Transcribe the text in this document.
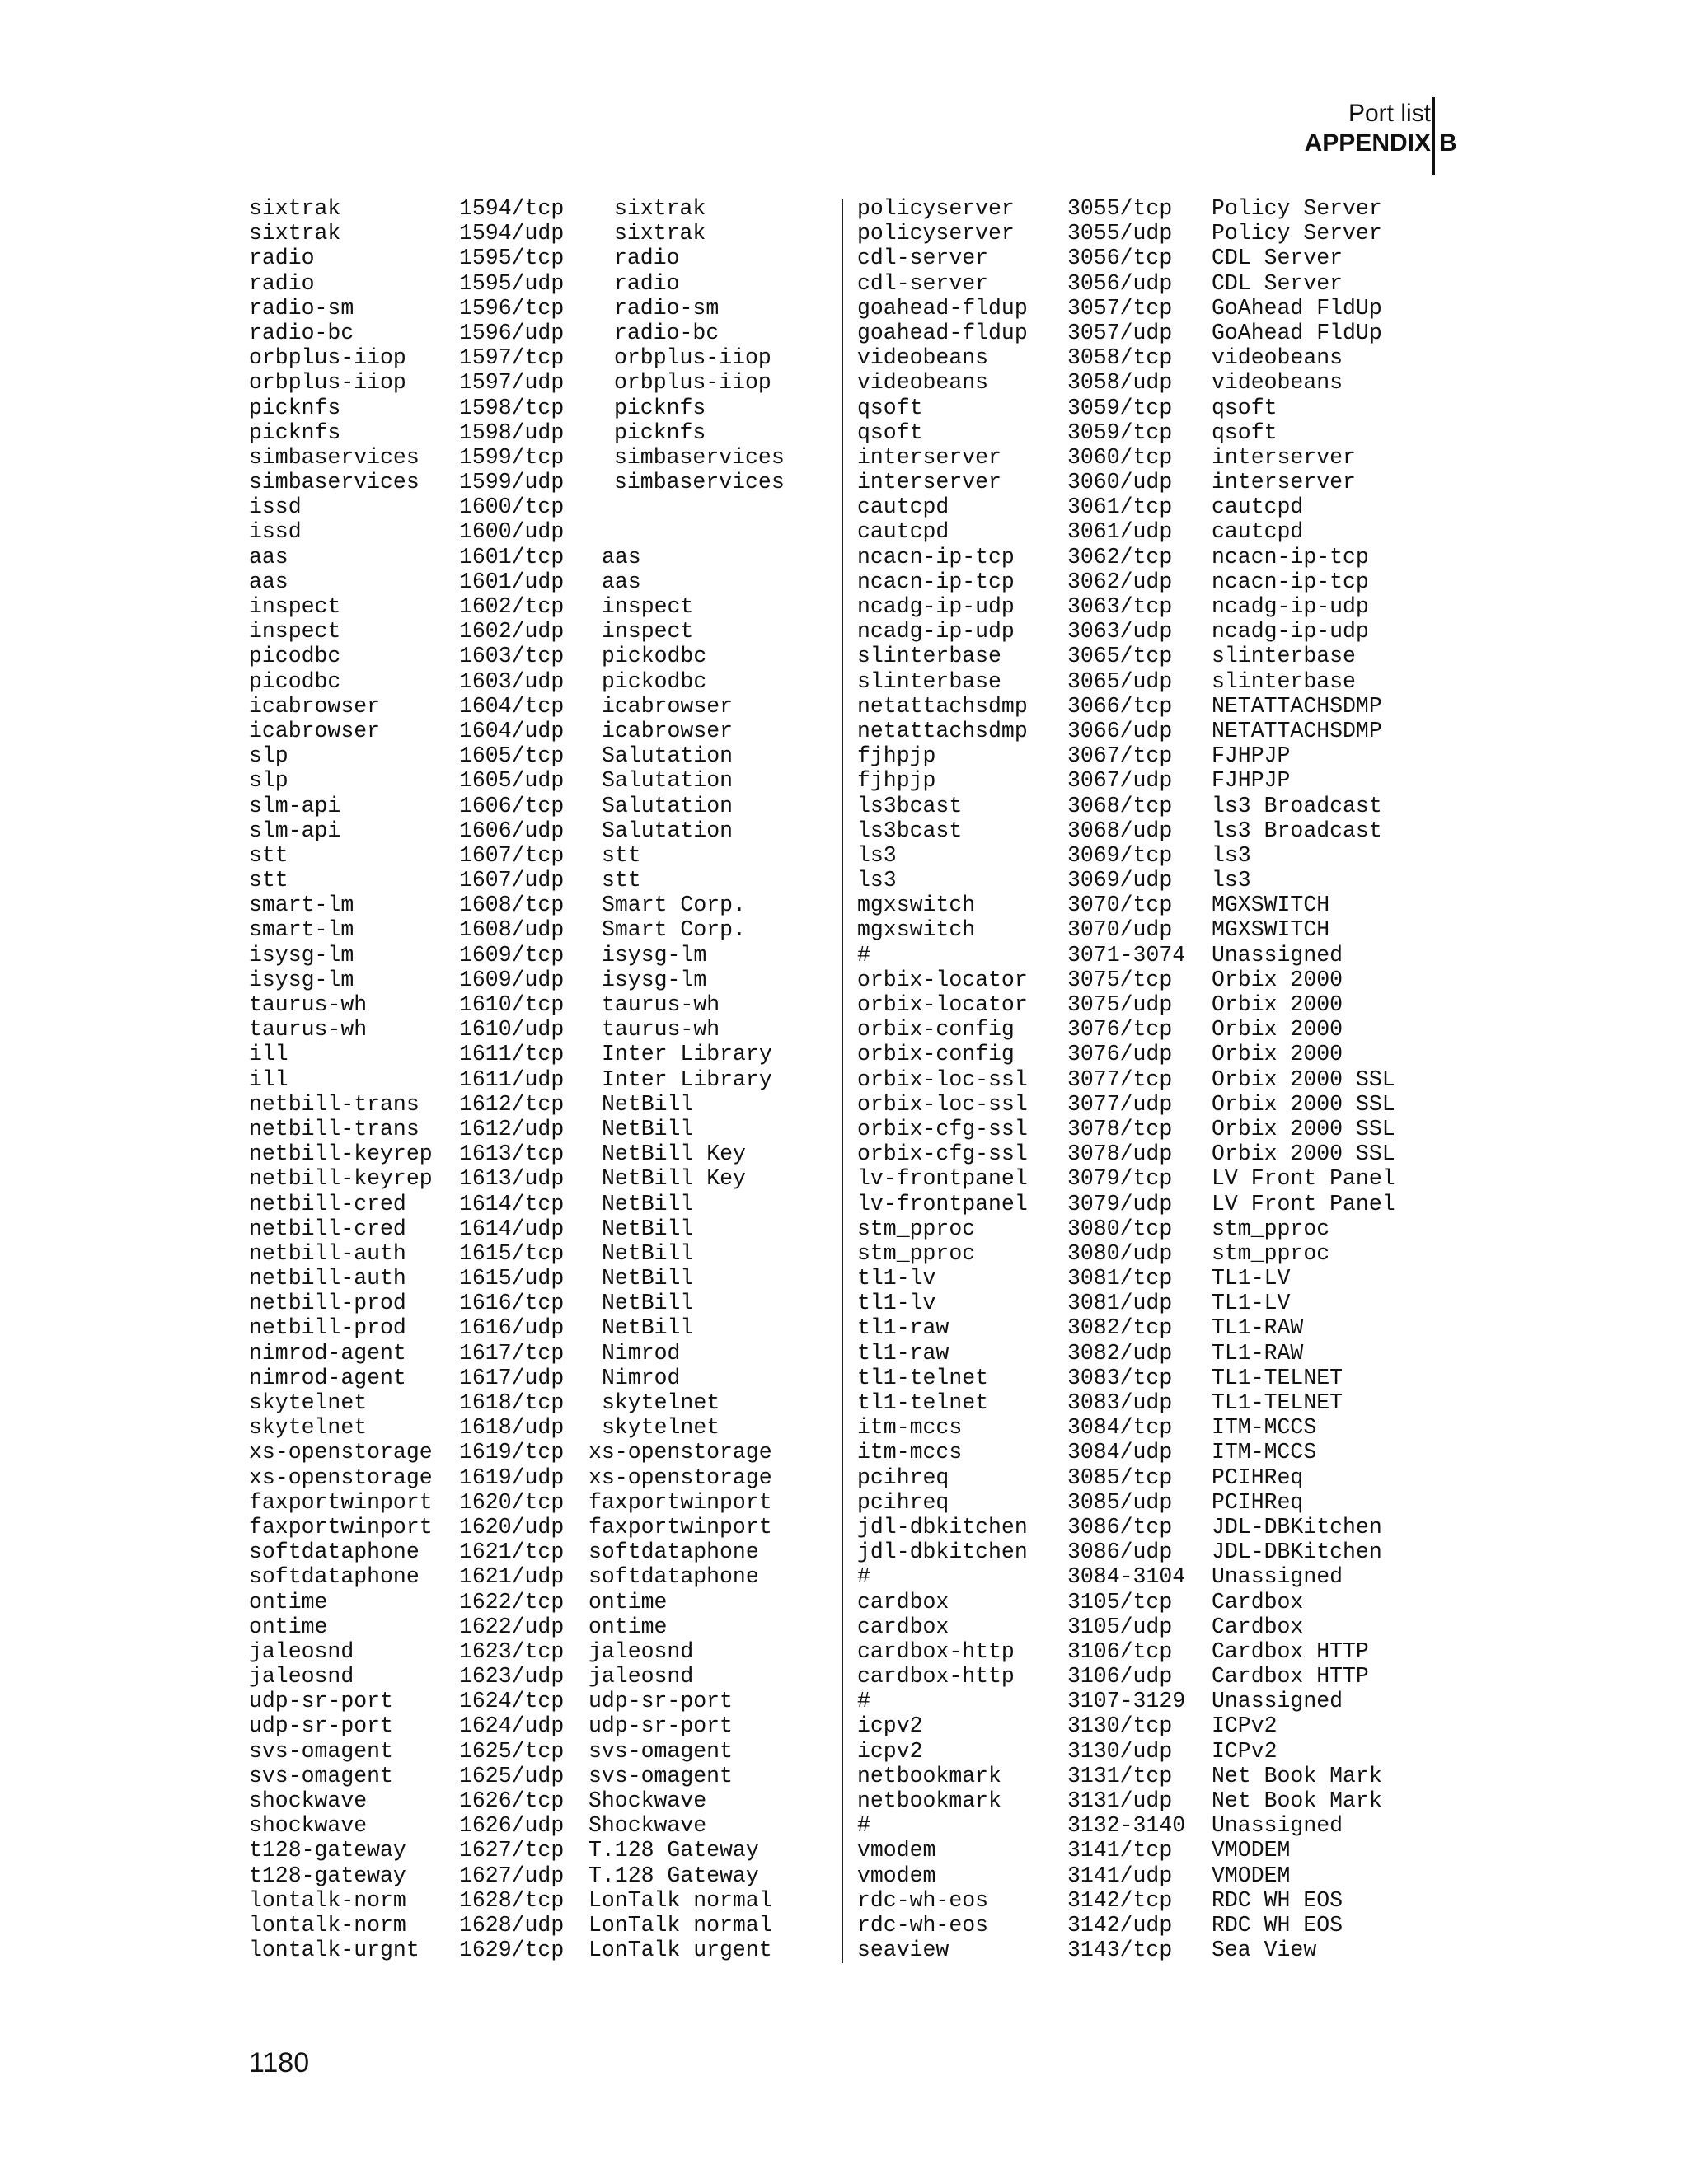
Port list
APPENDIX B
sixtrak	1594/tcp sixtrak
sixtrak	1594/udp sixtrak
radio	1595/tcp radio
radio	1595/udp radio
radio-sm	1596/tcp radio-sm
radio-bc	1596/udp radio-bc
orbplus-iiop 1597/tcp orbplus-iiop
orbplus-iiop 1597/udp orbplus-iiop
picknfs	1598/tcp picknfs
picknfs	1598/udp picknfs
simbaservices 1599/tcp simbaservices
simbaservices 1599/udp simbaservices
issd	1600/tcp
issd	1600/udp
aas	1601/tcp aas
aas	1601/udp aas
inspect	1602/tcp inspect
inspect	1602/udp inspect
picodbc	1603/tcp pickodbc
picodbc	1603/udp pickodbc
icabrowser	1604/tcp icabrowser
icabrowser	1604/udp icabrowser
slp	1605/tcp Salutation
slp	1605/udp Salutation
slm-api	1606/tcp Salutation
slm-api	1606/udp Salutation
stt	1607/tcp stt
stt	1607/udp stt
smart-lm	1608/tcp Smart Corp.
smart-lm	1608/udp Smart Corp.
isysg-lm	1609/tcp isysg-lm
isysg-lm	1609/udp isysg-lm
taurus-wh	1610/tcp taurus-wh
taurus-wh	1610/udp taurus-wh
ill	1611/tcp Inter Library
ill	1611/udp Inter Library
netbill-trans 1612/tcp NetBill
netbill-trans 1612/udp NetBill
netbill-keyrep 1613/tcp NetBill Key
netbill-keyrep 1613/udp NetBill Key
netbill-cred 1614/tcp NetBill
netbill-cred 1614/udp NetBill
netbill-auth 1615/tcp NetBill
netbill-auth 1615/udp NetBill
netbill-prod 1616/tcp NetBill
netbill-prod 1616/udp NetBill
nimrod-agent 1617/tcp Nimrod
nimrod-agent 1617/udp Nimrod
skytelnet	1618/tcp skytelnet
skytelnet	1618/udp skytelnet
xs-openstorage 1619/tcp xs-openstorage
xs-openstorage 1619/udp xs-openstorage
faxportwinport 1620/tcp faxportwinport
faxportwinport 1620/udp faxportwinport
softdataphone 1621/tcp softdataphone
softdataphone 1621/udp softdataphone
ontime	1622/tcp ontime
ontime	1622/udp ontime
jaleosnd	1623/tcp jaleosnd
jaleosnd	1623/udp jaleosnd
udp-sr-port	1624/tcp udp-sr-port
udp-sr-port	1624/udp udp-sr-port
svs-omagent	1625/tcp svs-omagent
svs-omagent	1625/udp svs-omagent
shockwave	1626/tcp Shockwave
shockwave	1626/udp Shockwave
t128-gateway 1627/tcp T.128 Gateway
t128-gateway 1627/udp T.128 Gateway
lontalk-norm 1628/tcp LonTalk normal
lontalk-norm 1628/udp LonTalk normal
lontalk-urgnt 1629/tcp LonTalk urgent
policyserver 3055/tcp Policy Server
policyserver 3055/udp Policy Server
cdl-server	3056/tcp CDL Server
cdl-server	3056/udp CDL Server
goahead-fldup 3057/tcp GoAhead FldUp
goahead-fldup 3057/udp GoAhead FldUp
videobeans	3058/tcp videobeans
videobeans	3058/udp videobeans
qsoft	3059/tcp qsoft
qsoft	3059/tcp qsoft
interserver	3060/tcp interserver
interserver	3060/udp interserver
cautcpd	3061/tcp cautcpd
cautcpd	3061/udp cautcpd
ncacn-ip-tcp 3062/tcp ncacn-ip-tcp
ncacn-ip-tcp 3062/udp ncacn-ip-tcp
ncadg-ip-udp 3063/tcp ncadg-ip-udp
ncadg-ip-udp 3063/udp ncadg-ip-udp
slinterbase	3065/tcp slinterbase
slinterbase	3065/udp slinterbase
netattachsdmp 3066/tcp NETATTACHSDMP
netattachsdmp 3066/udp NETATTACHSDMP
fjhpjp	3067/tcp FJHPJP
fjhpjp	3067/udp FJHPJP
ls3bcast	3068/tcp ls3 Broadcast
ls3bcast	3068/udp ls3 Broadcast
ls3	3069/tcp ls3
ls3	3069/udp ls3
mgxswitch	3070/tcp MGXSWITCH
mgxswitch	3070/udp MGXSWITCH
#	3071-3074 Unassigned
orbix-locator 3075/tcp Orbix 2000
orbix-locator 3075/udp Orbix 2000
orbix-config 3076/tcp Orbix 2000
orbix-config 3076/udp Orbix 2000
orbix-loc-ssl 3077/tcp Orbix 2000 SSL
orbix-loc-ssl 3077/udp Orbix 2000 SSL
orbix-cfg-ssl 3078/tcp Orbix 2000 SSL
orbix-cfg-ssl 3078/udp Orbix 2000 SSL
lv-frontpanel 3079/tcp LV Front Panel
lv-frontpanel 3079/udp LV Front Panel
stm_pproc	3080/tcp stm_pproc
stm_pproc	3080/udp stm_pproc
tl1-lv	3081/tcp TL1-LV
tl1-lv	3081/udp TL1-LV
tl1-raw	3082/tcp TL1-RAW
tl1-raw	3082/udp TL1-RAW
tl1-telnet	3083/tcp TL1-TELNET
tl1-telnet	3083/udp TL1-TELNET
itm-mccs	3084/tcp ITM-MCCS
itm-mccs	3084/udp ITM-MCCS
pcihreq	3085/tcp PCIHReq
pcihreq	3085/udp PCIHReq
jdl-dbkitchen 3086/tcp JDL-DBKitchen
jdl-dbkitchen 3086/udp JDL-DBKitchen
#	3084-3104 Unassigned
cardbox	3105/tcp Cardbox
cardbox	3105/udp Cardbox
cardbox-http 3106/tcp Cardbox HTTP
cardbox-http 3106/udp Cardbox HTTP
#	3107-3129 Unassigned
icpv2	3130/tcp ICPv2
icpv2	3130/udp ICPv2
netbookmark	3131/tcp Net Book Mark
netbookmark	3131/udp Net Book Mark
#	3132-3140 Unassigned
vmodem	3141/tcp VMODEM
vmodem	3141/udp VMODEM
rdc-wh-eos	3142/tcp RDC WH EOS
rdc-wh-eos	3142/udp RDC WH EOS
seaview	3143/tcp Sea View
1180
